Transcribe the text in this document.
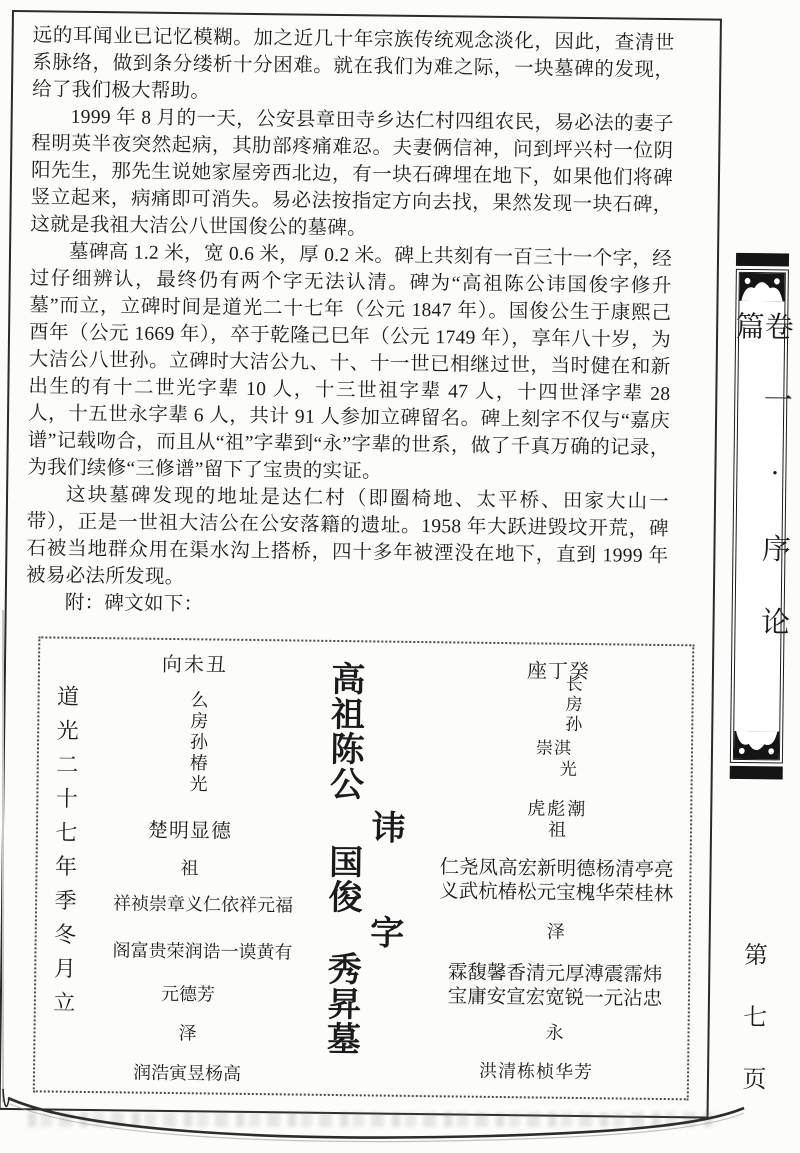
远的耳闻业已记忆模糊。加之近几十年宗族传统观念淡化，因此，查清世系脉络，做到条分缕析十分困难。就在我们为难之际，一块墓碑的发现，给了我们极大帮助。

1999 年 8 月的一天，公安县章田寺乡达仁村四组农民，易必法的妻子程明英半夜突然起病，其肋部疼痛难忍。夫妻俩信神，问到坪兴村一位阴阳先生，那先生说她家屋旁西北边，有一块石碑埋在地下，如果他们将碑竖立起来，病痛即可消失。易必法按指定方向去找，果然发现一块石碑，这就是我祖大洁公八世国俊公的墓碑。

墓碑高 1.2 米，宽 0.6 米，厚 0.2 米。碑上共刻有一百三十一个字，经过仔细辨认，最终仍有两个字无法认清。碑为“高祖陈公讳国俊字修升墓”而立，立碑时间是道光二十七年（公元 1847 年）。国俊公生于康熙己酉年（公元 1669 年），卒于乾隆己巳年（公元 1749 年），享年八十岁，为大洁公八世孙。立碑时大洁公九、十、十一世已相继过世，当时健在和新出生的有十二世光字辈 10 人，十三世祖字辈 47 人，十四世泽字辈 28 人，十五世永字辈 6 人，共计 91 人参加立碑留名。碑上刻字不仅与“嘉庆谱”记载吻合，而且从“祖”字辈到“永”字辈的世系，做了千真万确的记录，为我们续修“三修谱”留下了宝贵的实证。

这块墓碑发现的地址是达仁村（即圈椅地、太平桥、田家大山一带），正是一世祖大洁公在公安落籍的遗址。1958 年大跃进毁坟开荒，碑石被当地群众用在渠水沟上搭桥，四十多年被湮没在地下，直到 1999 年被易必法所发现。

附：碑文如下：

道光二十七年季冬月立
向未丑
么房孙椿光
楚明显德
祖
祥祯崇章义仁依祥元福
阁富贵荣润诰一谟黄有
元德芳
泽
润浩寅昱杨高
高祖陈公
讳
国俊
字
秀昇墓
座丁癸
长房孙
崇淇
光
虎彪潮
祖
仁尧凤高宏新明德杨清亭亮
义武杭椿松元宝槐华荣桂林
泽
霖馥馨香清元厚溥震霈炜
宝庸安宣宏宽锐一元沾忠
永
洪清栋桢华芳
卷一·序论篇
第七页
